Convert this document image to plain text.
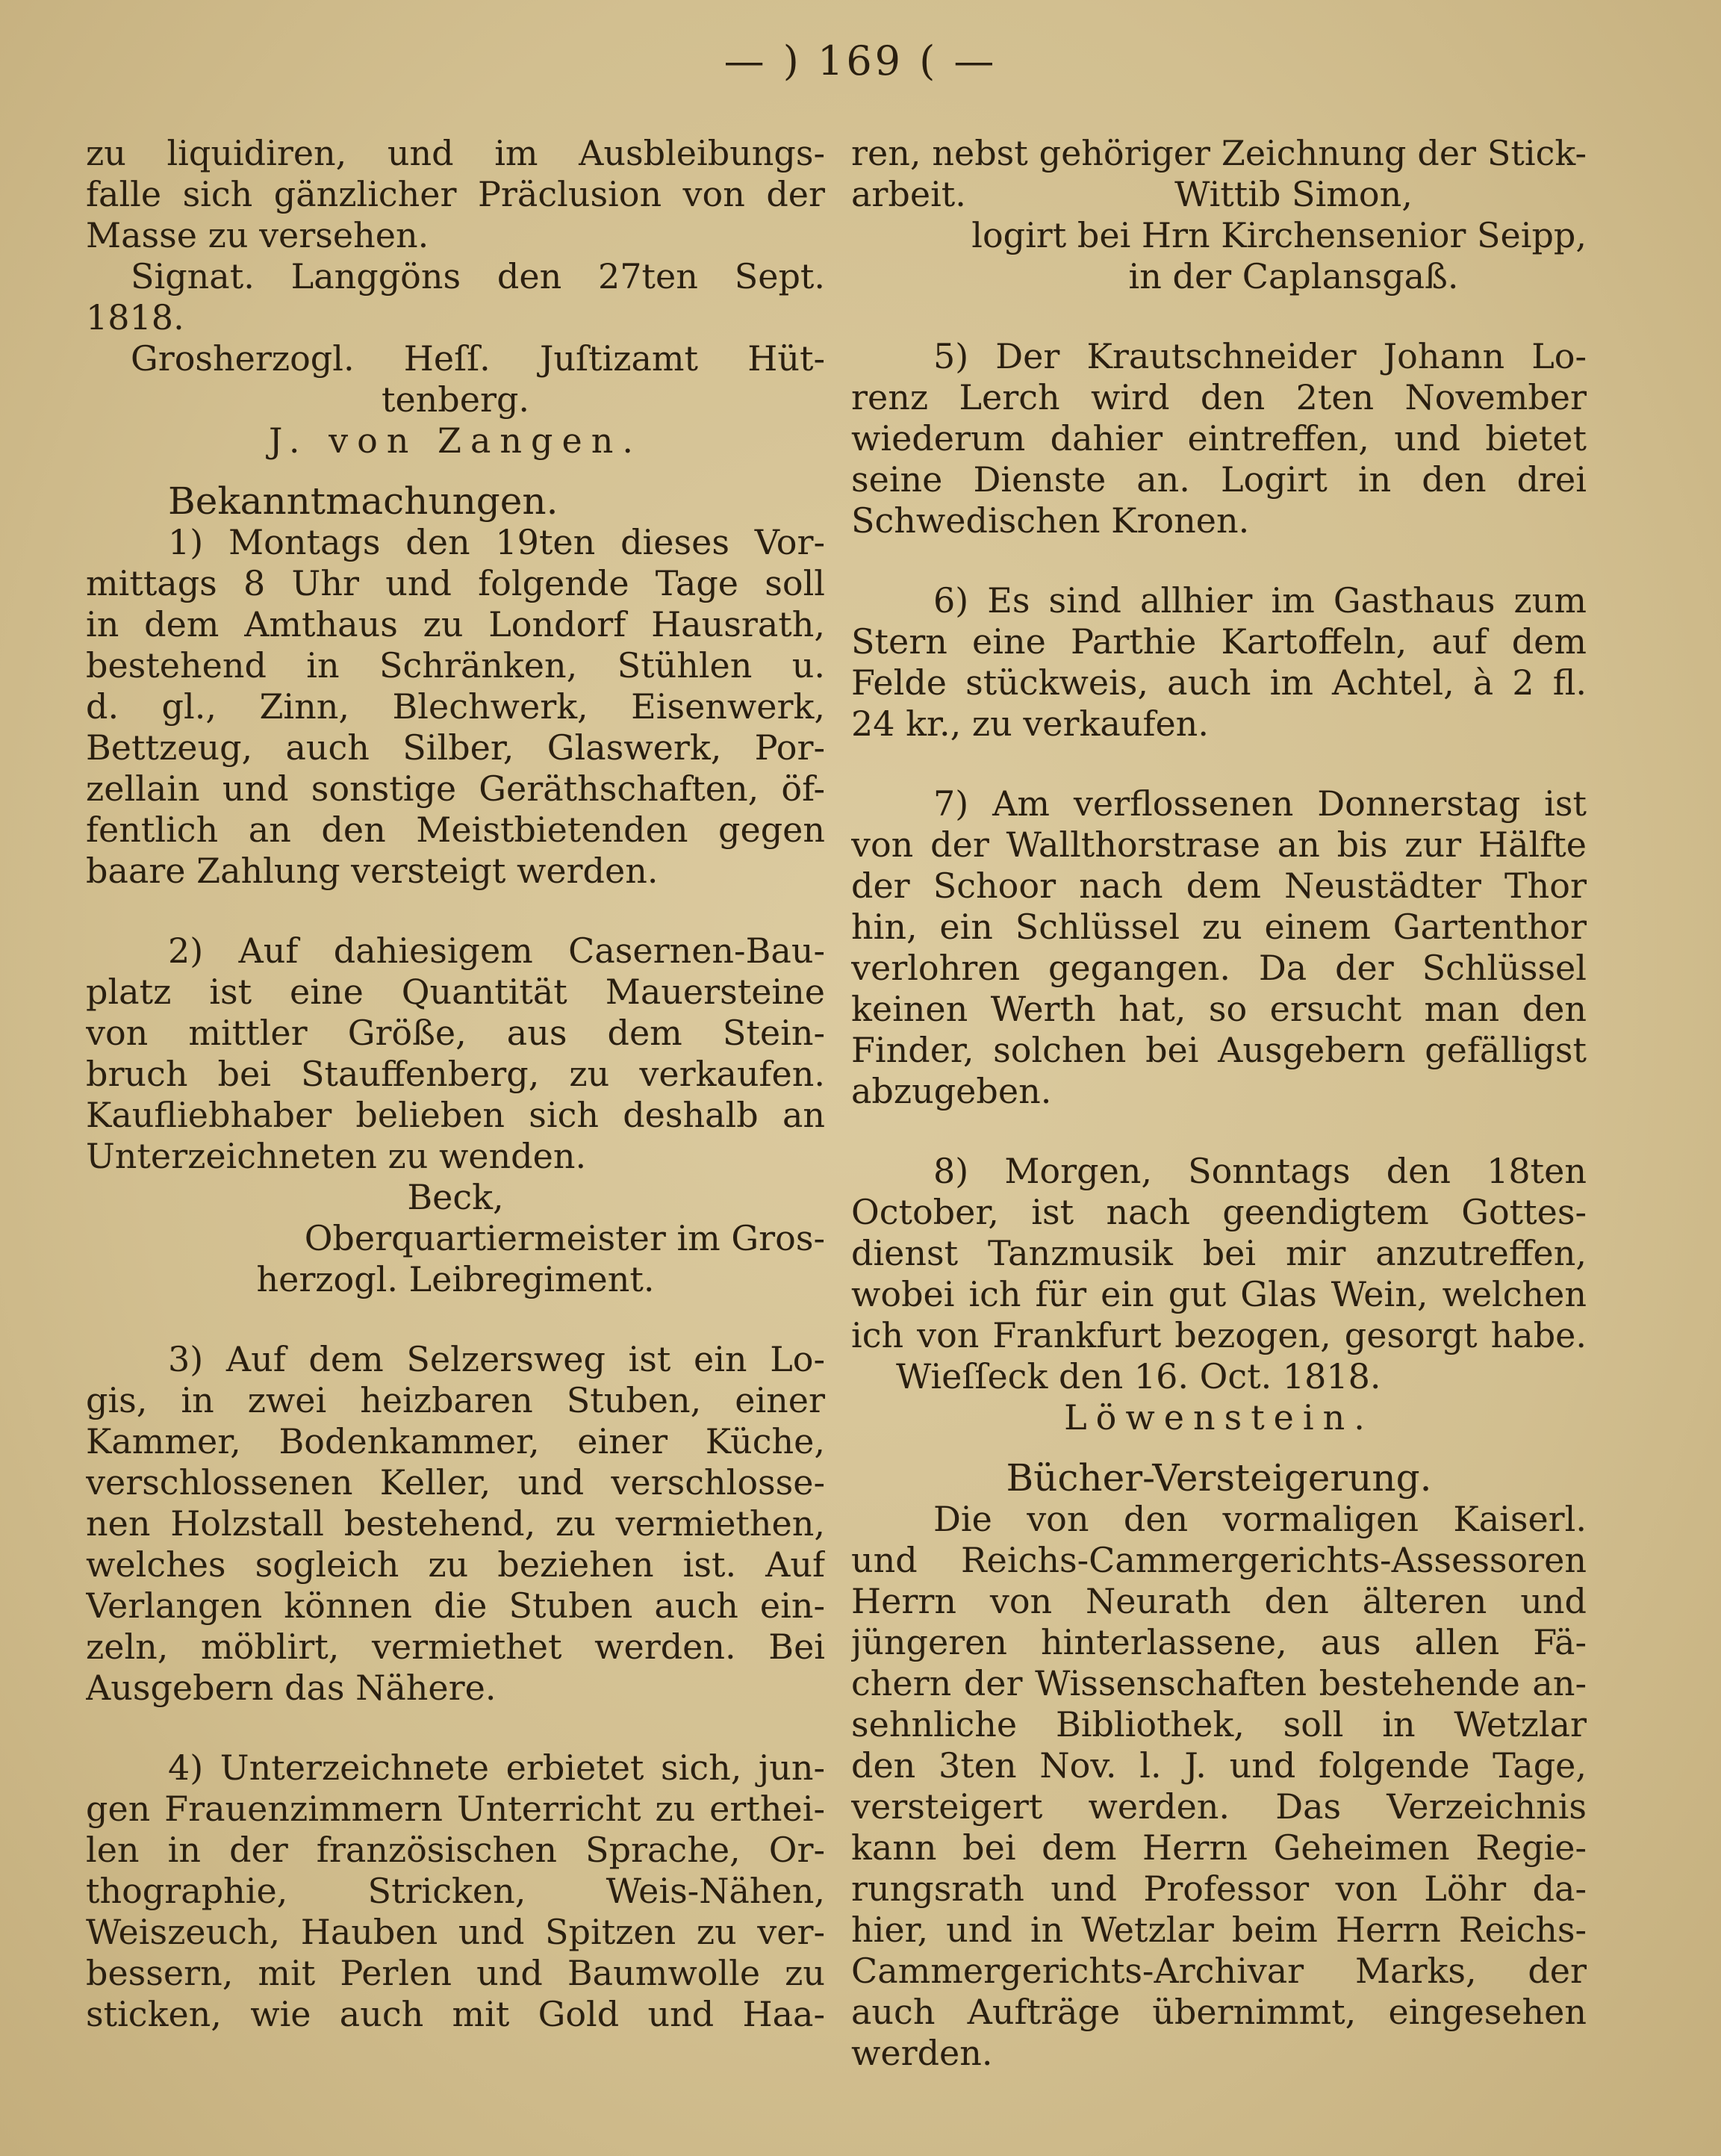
— ) 169 ( —
zu liquidiren, und im Ausbleibungs-
falle sich gänzlicher Präclusion von der
Masse zu versehen.
Signat. Langgöns den 27ten Sept.
1818.
Grosherzogl. Heſſ. Juſtizamt Hüt-
tenberg.
J. von Zangen.
Bekanntmachungen.
1) Montags den 19ten dieses Vor-
mittags 8 Uhr und folgende Tage soll
in dem Amthaus zu Londorf Hausrath,
bestehend in Schränken, Stühlen u.
d. gl., Zinn, Blechwerk, Eisenwerk,
Bettzeug, auch Silber, Glaswerk, Por-
zellain und sonstige Geräthschaften, öf-
fentlich an den Meistbietenden gegen
baare Zahlung versteigt werden.
2) Auf dahiesigem Casernen-Bau-
platz ist eine Quantität Mauersteine
von mittler Größe, aus dem Stein-
bruch bei Stauffenberg, zu verkaufen.
Kaufliebhaber belieben sich deshalb an
Unterzeichneten zu wenden.
Beck,
Oberquartiermeister im Gros-
herzogl. Leibregiment.
3) Auf dem Selzersweg ist ein Lo-
gis, in zwei heizbaren Stuben, einer
Kammer, Bodenkammer, einer Küche,
verschlossenen Keller, und verschlosse-
nen Holzstall bestehend, zu vermiethen,
welches sogleich zu beziehen ist. Auf
Verlangen können die Stuben auch ein-
zeln, möblirt, vermiethet werden. Bei
Ausgebern das Nähere.
4) Unterzeichnete erbietet sich, jun-
gen Frauenzimmern Unterricht zu erthei-
len in der französischen Sprache, Or-
thographie, Stricken, Weis-Nähen,
Weiszeuch, Hauben und Spitzen zu ver-
bessern, mit Perlen und Baumwolle zu
sticken, wie auch mit Gold und Haa-
ren, nebst gehöriger Zeichnung der Stick-
arbeit.	Wittib Simon,
logirt bei Hrn Kirchensenior Seipp,
in der Caplansgaß.
5) Der Krautschneider Johann Lo-
renz Lerch wird den 2ten November
wiederum dahier eintreffen, und bietet
seine Dienste an. Logirt in den drei
Schwedischen Kronen.
6) Es sind allhier im Gasthaus zum
Stern eine Parthie Kartoffeln, auf dem
Felde stückweis, auch im Achtel, à 2 fl.
24 kr., zu verkaufen.
7) Am verflossenen Donnerstag ist
von der Wallthorstrase an bis zur Hälfte
der Schoor nach dem Neustädter Thor
hin, ein Schlüssel zu einem Gartenthor
verlohren gegangen. Da der Schlüssel
keinen Werth hat, so ersucht man den
Finder, solchen bei Ausgebern gefälligst
abzugeben.
8) Morgen, Sonntags den 18ten
October, ist nach geendigtem Gottes-
dienst Tanzmusik bei mir anzutreffen,
wobei ich für ein gut Glas Wein, welchen
ich von Frankfurt bezogen, gesorgt habe.
Wieſſeck den 16. Oct. 1818.
Löwenstein.
Bücher-Versteigerung.
Die von den vormaligen Kaiserl.
und Reichs-Cammergerichts-Assessoren
Herrn von Neurath den älteren und
jüngeren hinterlassene, aus allen Fä-
chern der Wissenschaften bestehende an-
sehnliche Bibliothek, soll in Wetzlar
den 3ten Nov. l. J. und folgende Tage,
versteigert werden. Das Verzeichnis
kann bei dem Herrn Geheimen Regie-
rungsrath und Professor von Löhr da-
hier, und in Wetzlar beim Herrn Reichs-
Cammergerichts-Archivar Marks, der
auch Aufträge übernimmt, eingesehen
werden.
